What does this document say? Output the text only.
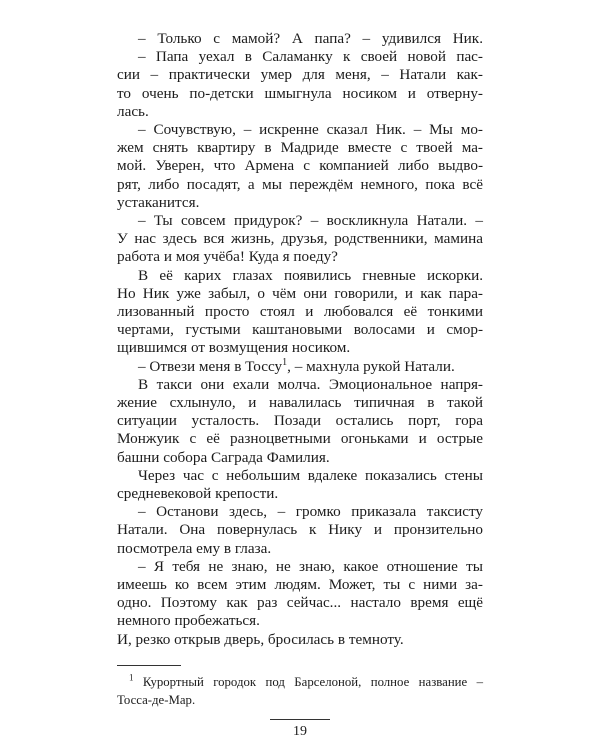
– Только с мамой? А папа? – удивился Ник.
– Папа уехал в Саламанку к своей новой пас-
сии – практически умер для меня, – Натали как-
то очень по-детски шмыгнула носиком и отверну-
лась.
– Сочувствую, – искренне сказал Ник. – Мы мо-
жем снять квартиру в Мадриде вместе с твоей ма-
мой. Уверен, что Армена с компанией либо выдво-
рят, либо посадят, а мы переждём немного, пока всё
устаканится.
– Ты совсем придурок? – воскликнула Натали. –
У нас здесь вся жизнь, друзья, родственники, мамина
работа и моя учёба! Куда я поеду?
В её карих глазах появились гневные искорки.
Но Ник уже забыл, о чём они говорили, и как пара-
лизованный просто стоял и любовался её тонкими
чертами, густыми каштановыми волосами и смор-
щившимся от возмущения носиком.
– Отвези меня в Тоссу$^1$, – махнула рукой Натали.
В такси они ехали молча. Эмоциональное напря-
жение схлынуло, и навалилась типичная в такой
ситуации усталость. Позади остались порт, гора
Монжуик с её разноцветными огоньками и острые
башни собора Саграда Фамилия.
Через час с небольшим вдалеке показались стены
средневековой крепости.
– Останови здесь, – громко приказала таксисту
Натали. Она повернулась к Нику и пронзительно
посмотрела ему в глаза.
– Я тебя не знаю, не знаю, какое отношение ты
имеешь ко всем этим людям. Может, ты с ними за-
одно. Поэтому как раз сейчас... настало время ещё
немного пробежаться.
И, резко открыв дверь, бросилась в темноту.
$^1$ Курортный городок под Барселоной, полное название –
Тосса-де-Мар.
19
